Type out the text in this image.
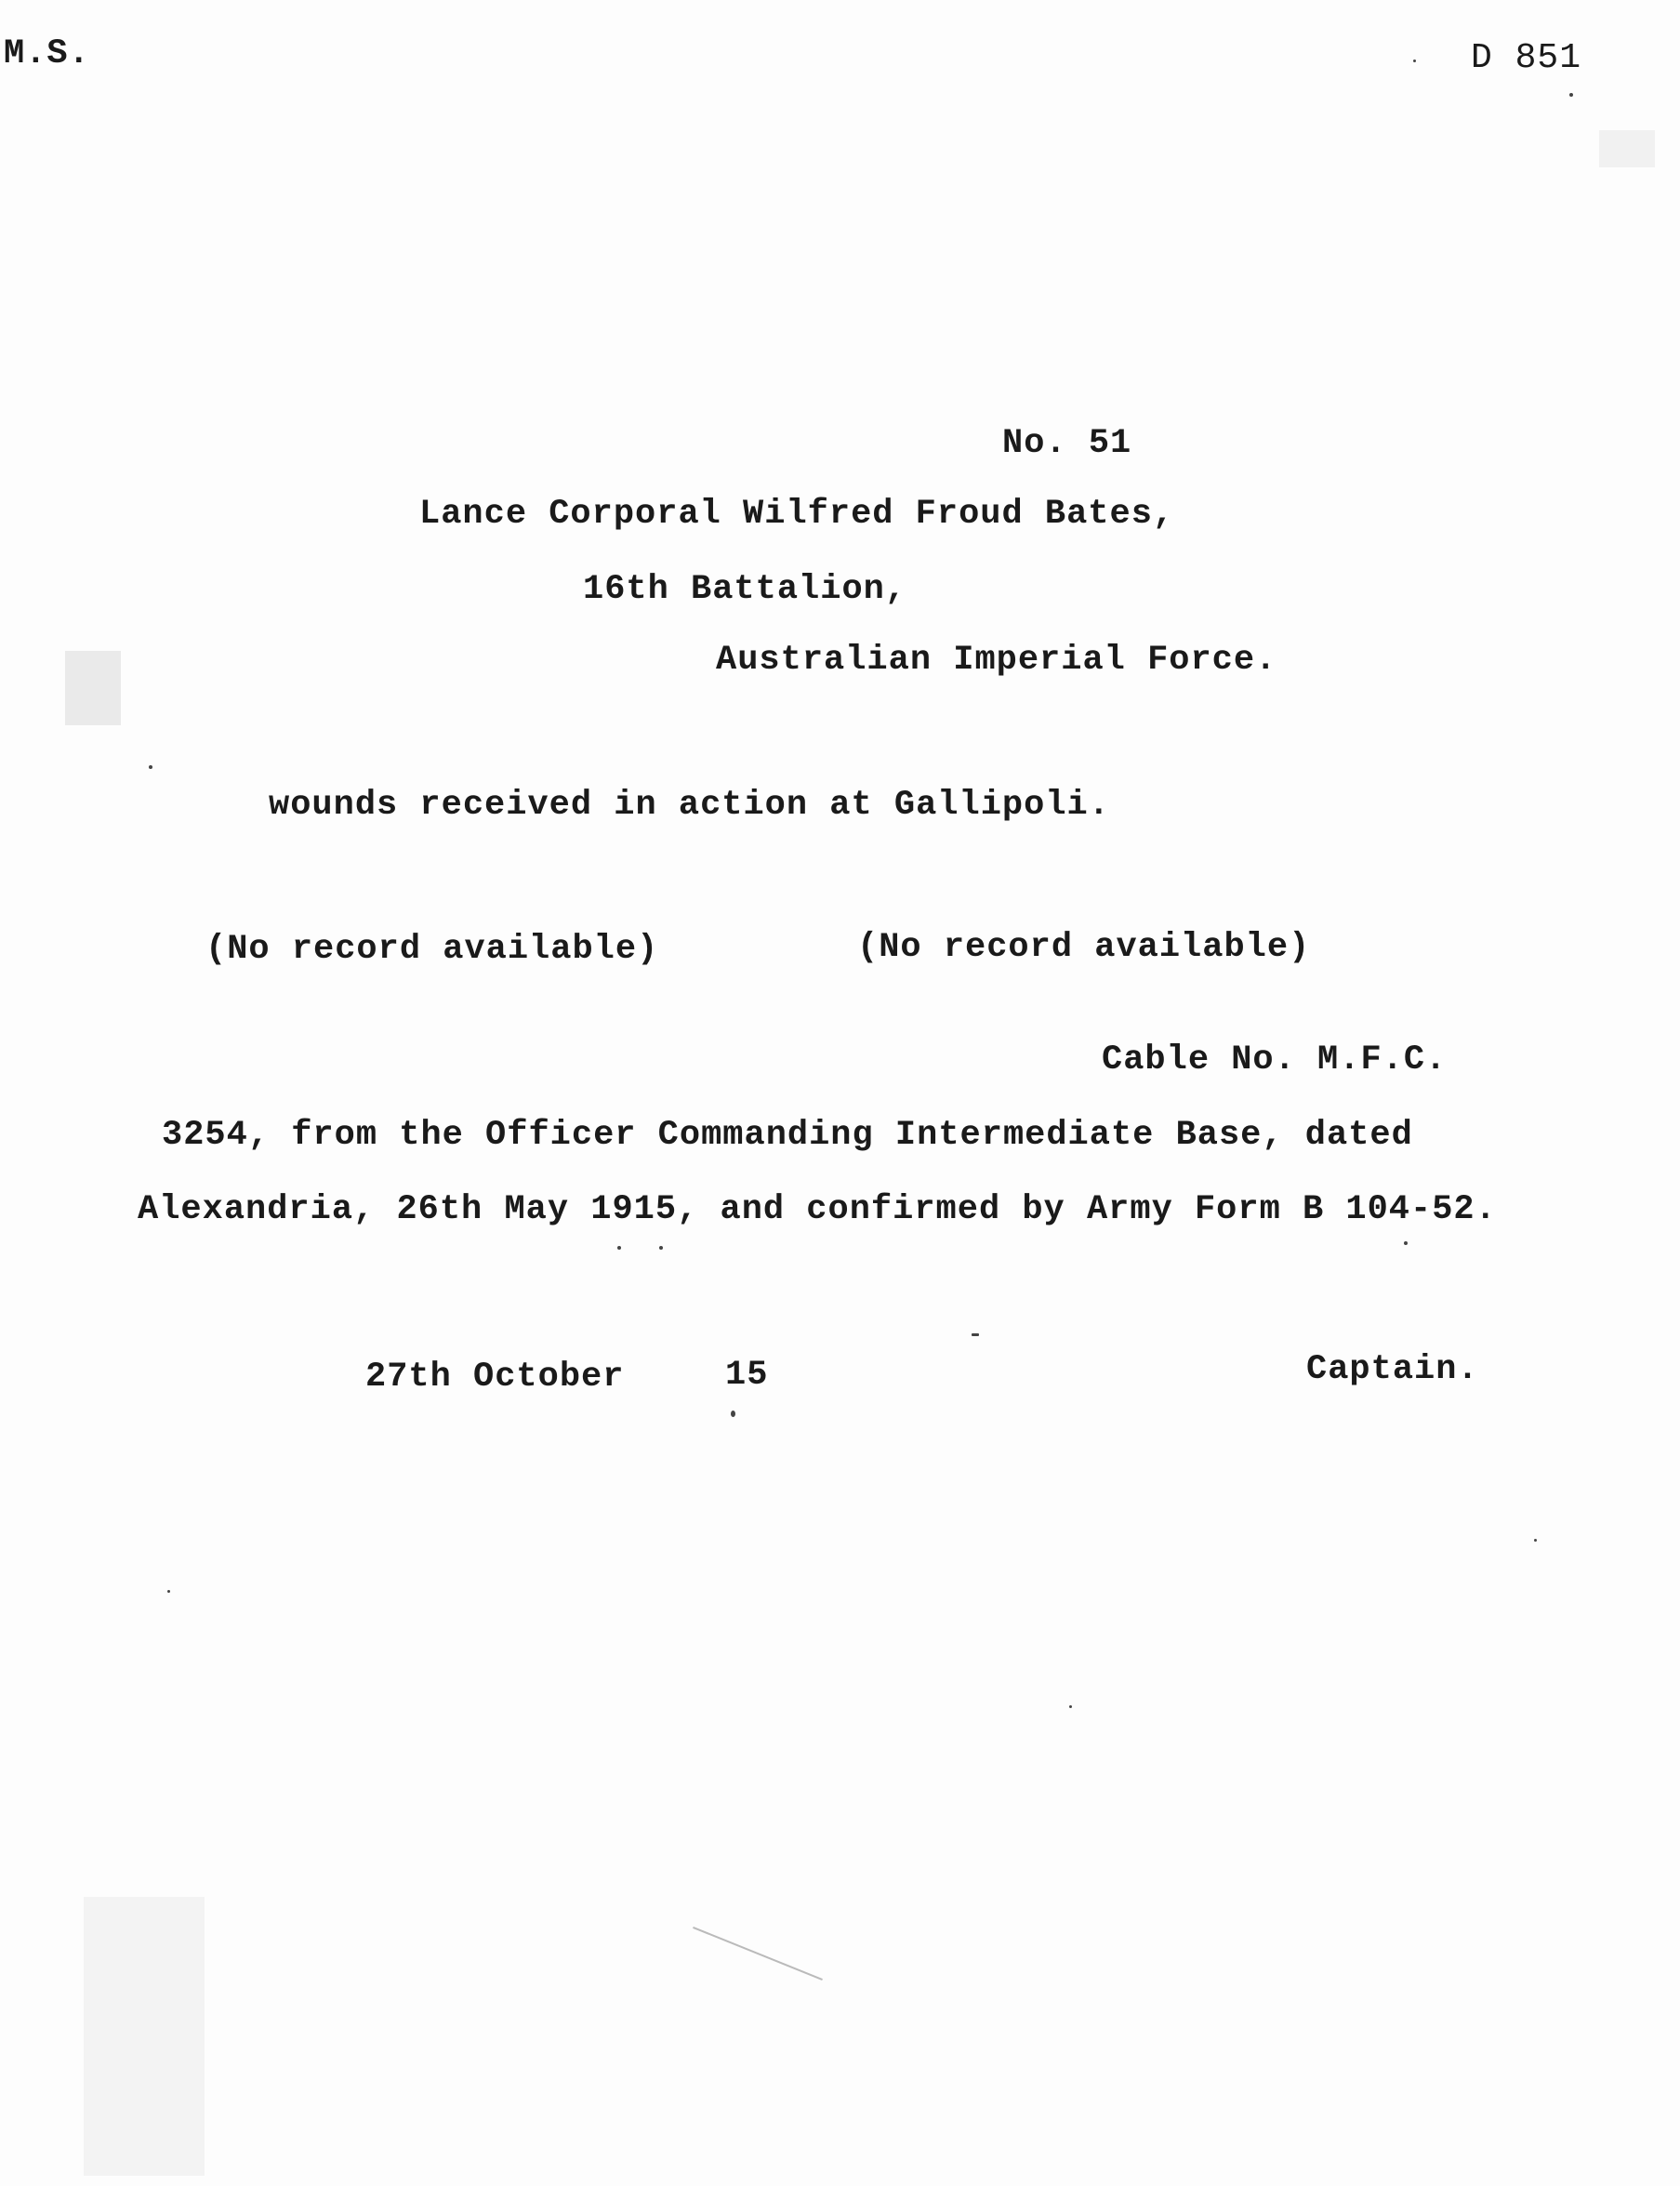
M.S.	D 851
No. 51
Lance Corporal Wilfred Froud Bates,
16th Battalion,
Australian Imperial Force.
wounds received in action at Gallipoli.
(No record available)	(No record available)
Cable No. M.F.C.
3254, from the Officer Commanding Intermediate Base, dated
Alexandria, 26th May 1915, and confirmed by Army Form B 104-52.
27th October	15	Captain.
